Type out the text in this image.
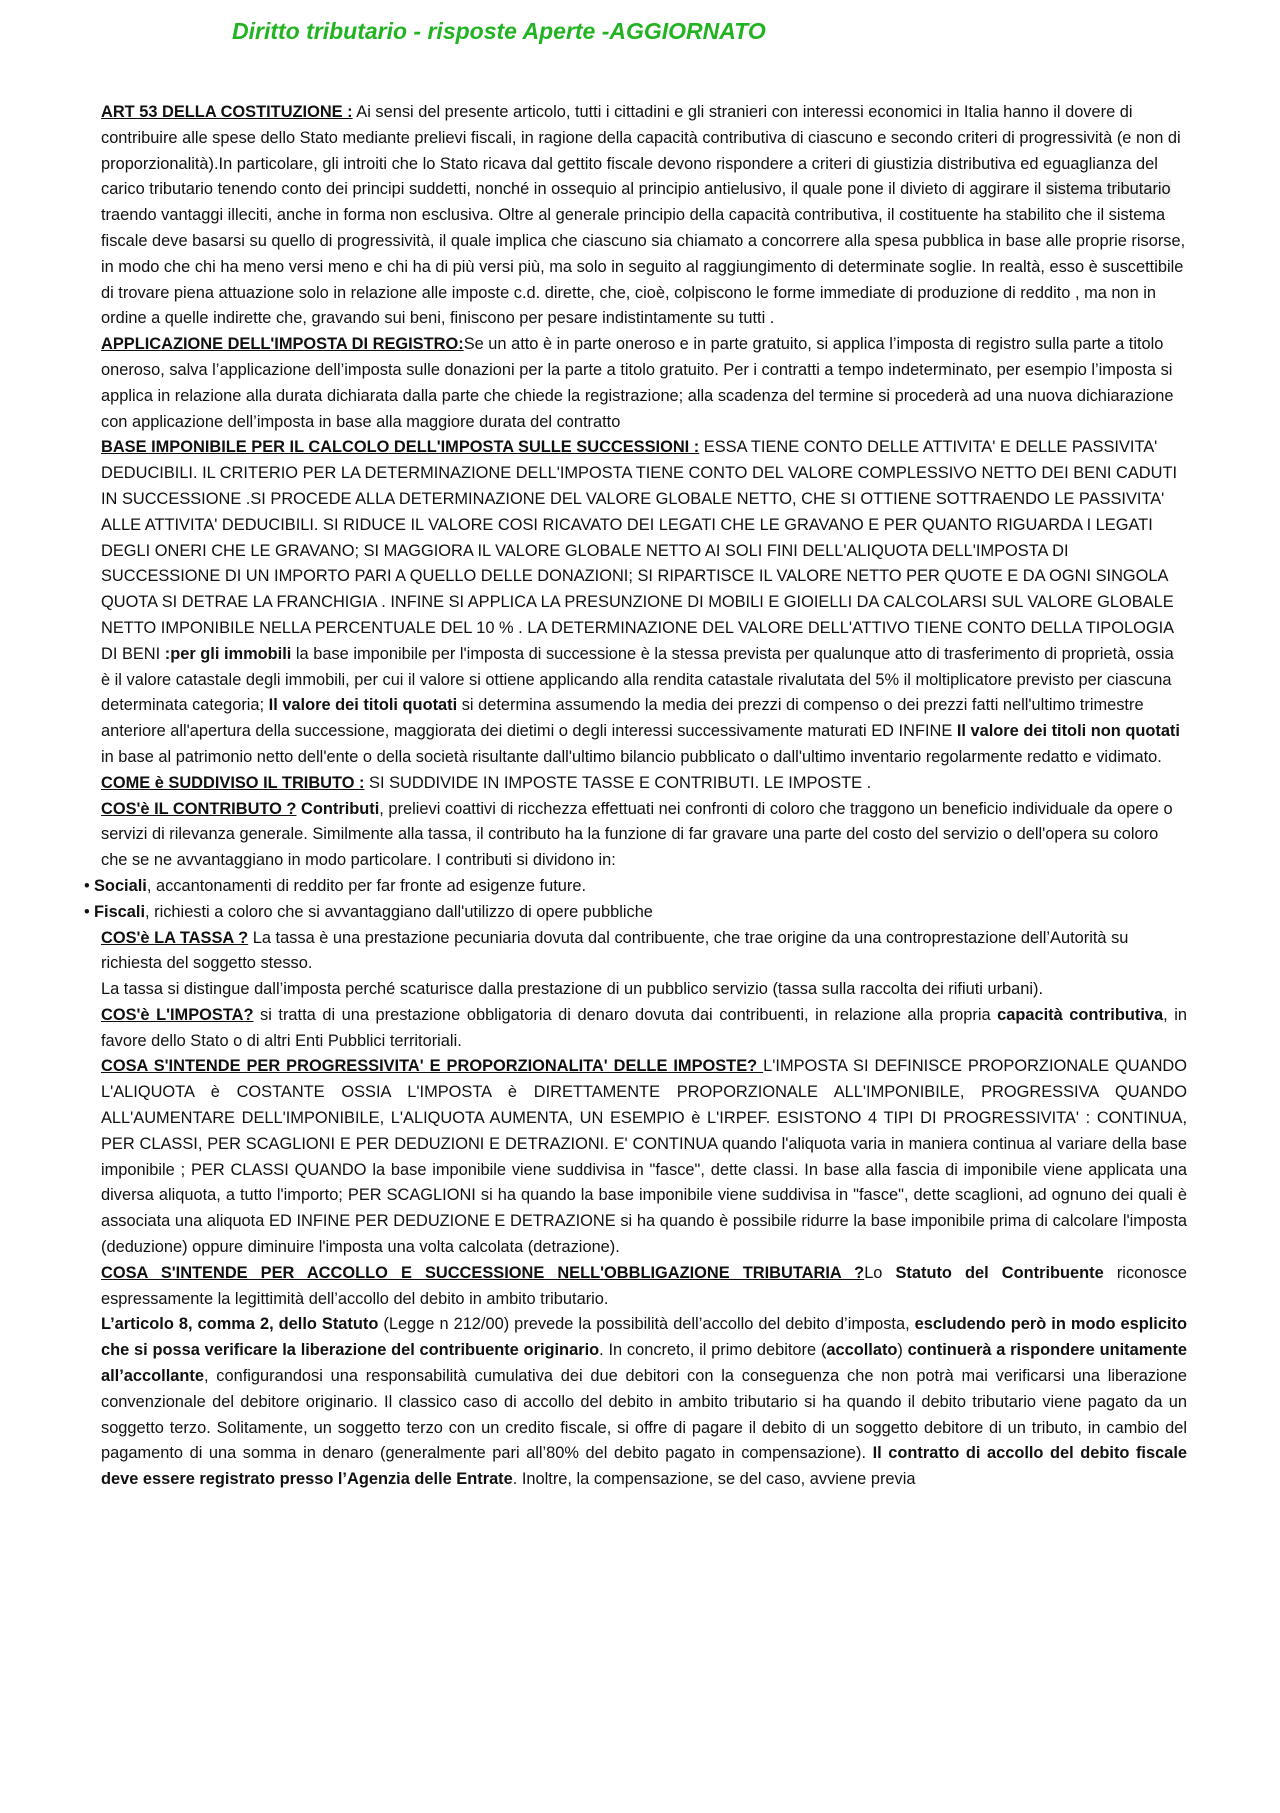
Diritto tributario - risposte Aperte -AGGIORNATO

ART 53 DELLA COSTITUZIONE : Ai sensi del presente articolo, tutti i cittadini e gli stranieri con interessi economici in Italia hanno il dovere di contribuire alle spese dello Stato mediante prelievi fiscali, in ragione della capacità contributiva di ciascuno e secondo criteri di progressività (e non di proporzionalità).In particolare, gli introiti che lo Stato ricava dal gettito fiscale devono rispondere a criteri di giustizia distributiva ed eguaglianza del carico tributario tenendo conto dei principi suddetti, nonché in ossequio al principio antielusivo, il quale pone il divieto di aggirare il sistema tributario traendo vantaggi illeciti, anche in forma non esclusiva. Oltre al generale principio della capacità contributiva, il costituente ha stabilito che il sistema fiscale deve basarsi su quello di progressività, il quale implica che ciascuno sia chiamato a concorrere alla spesa pubblica in base alle proprie risorse, in modo che chi ha meno versi meno e chi ha di più versi più, ma solo in seguito al raggiungimento di determinate soglie. In realtà, esso è suscettibile di trovare piena attuazione solo in relazione alle imposte c.d. dirette, che, cioè, colpiscono le forme immediate di produzione di reddito , ma non in ordine a quelle indirette che, gravando sui beni, finiscono per pesare indistintamente su tutti .

APPLICAZIONE DELL'IMPOSTA DI REGISTRO:Se un atto è in parte oneroso e in parte gratuito, si applica l’imposta di registro sulla parte a titolo oneroso, salva l’applicazione dell’imposta sulle donazioni per la parte a titolo gratuito. Per i contratti a tempo indeterminato, per esempio l’imposta si applica in relazione alla durata dichiarata dalla parte che chiede la registrazione; alla scadenza del termine si procederà ad una nuova dichiarazione con applicazione dell’imposta in base alla maggiore durata del contratto

BASE IMPONIBILE PER IL CALCOLO DELL'IMPOSTA SULLE SUCCESSIONI : ESSA TIENE CONTO DELLE ATTIVITA' E DELLE PASSIVITA' DEDUCIBILI. IL CRITERIO PER LA DETERMINAZIONE DELL'IMPOSTA TIENE CONTO DEL VALORE COMPLESSIVO NETTO DEI BENI CADUTI IN SUCCESSIONE .SI PROCEDE ALLA DETERMINAZIONE DEL VALORE GLOBALE NETTO, CHE SI OTTIENE SOTTRAENDO LE PASSIVITA' ALLE ATTIVITA' DEDUCIBILI. SI RIDUCE IL VALORE COSI RICAVATO DEI LEGATI CHE LE GRAVANO E PER QUANTO RIGUARDA I LEGATI DEGLI ONERI CHE LE GRAVANO; SI MAGGIORA IL VALORE GLOBALE NETTO AI SOLI FINI DELL'ALIQUOTA DELL'IMPOSTA DI SUCCESSIONE DI UN IMPORTO PARI A QUELLO DELLE DONAZIONI; SI RIPARTISCE IL VALORE NETTO PER QUOTE E DA OGNI SINGOLA QUOTA SI DETRAE LA FRANCHIGIA . INFINE SI APPLICA LA PRESUNZIONE DI MOBILI E GIOIELLI DA CALCOLARSI SUL VALORE GLOBALE NETTO IMPONIBILE NELLA PERCENTUALE DEL 10 % . LA DETERMINAZIONE DEL VALORE DELL'ATTIVO TIENE CONTO DELLA TIPOLOGIA DI BENI :per gli immobili la base imponibile per l'imposta di successione è la stessa prevista per qualunque atto di trasferimento di proprietà, ossia è il valore catastale degli immobili, per cui il valore si ottiene applicando alla rendita catastale rivalutata del 5% il moltiplicatore previsto per ciascuna determinata categoria; Il valore dei titoli quotati si determina assumendo la media dei prezzi di compenso o dei prezzi fatti nell'ultimo trimestre anteriore all'apertura della successione, maggiorata dei dietimi o degli interessi successivamente maturati ED INFINE Il valore dei titoli non quotati in base al patrimonio netto dell'ente o della società risultante dall'ultimo bilancio pubblicato o dall'ultimo inventario regolarmente redatto e vidimato.

COME è SUDDIVISO IL TRIBUTO : SI SUDDIVIDE IN IMPOSTE TASSE E CONTRIBUTI. LE IMPOSTE .

COS'è IL CONTRIBUTO ? Contributi, prelievi coattivi di ricchezza effettuati nei confronti di coloro che traggono un beneficio individuale da opere o servizi di rilevanza generale. Similmente alla tassa, il contributo ha la funzione di far gravare una parte del costo del servizio o dell'opera su coloro che se ne avvantaggiano in modo particolare. I contributi si dividono in:

• Sociali, accantonamenti di reddito per far fronte ad esigenze future.

• Fiscali, richiesti a coloro che si avvantaggiano dall'utilizzo di opere pubbliche

COS'è LA TASSA ? La tassa è una prestazione pecuniaria dovuta dal contribuente, che trae origine da una controprestazione dell’Autorità su richiesta del soggetto stesso.

La tassa si distingue dall’imposta perché scaturisce dalla prestazione di un pubblico servizio (tassa sulla raccolta dei rifiuti urbani).

COS'è L'IMPOSTA? si tratta di una prestazione obbligatoria di denaro dovuta dai contribuenti, in relazione alla propria capacità contributiva, in favore dello Stato o di altri Enti Pubblici territoriali.

COSA S'INTENDE PER PROGRESSIVITA' E PROPORZIONALITA' DELLE IMPOSTE? L'IMPOSTA SI DEFINISCE PROPORZIONALE QUANDO L'ALIQUOTA è COSTANTE OSSIA L'IMPOSTA è DIRETTAMENTE PROPORZIONALE ALL'IMPONIBILE, PROGRESSIVA QUANDO ALL'AUMENTARE DELL'IMPONIBILE, L'ALIQUOTA AUMENTA, UN ESEMPIO è L'IRPEF. ESISTONO 4 TIPI DI PROGRESSIVITA' : CONTINUA, PER CLASSI, PER SCAGLIONI E PER DEDUZIONI E DETRAZIONI. E' CONTINUA quando l'aliquota varia in maniera continua al variare della base imponibile ; PER CLASSI QUANDO la base imponibile viene suddivisa in "fasce", dette classi. In base alla fascia di imponibile viene applicata una diversa aliquota, a tutto l'importo; PER SCAGLIONI si ha quando la base imponibile viene suddivisa in "fasce", dette scaglioni, ad ognuno dei quali è associata una aliquota ED INFINE PER DEDUZIONE E DETRAZIONE si ha quando è possibile ridurre la base imponibile prima di calcolare l'imposta (deduzione) oppure diminuire l'imposta una volta calcolata (detrazione).

COSA S'INTENDE PER ACCOLLO E SUCCESSIONE NELL'OBBLIGAZIONE TRIBUTARIA ?Lo Statuto del Contribuente riconosce espressamente la legittimità dell’accollo del debito in ambito tributario.

L’articolo 8, comma 2, dello Statuto (Legge n 212/00) prevede la possibilità dell’accollo del debito d’imposta, escludendo però in modo esplicito che si possa verificare la liberazione del contribuente originario. In concreto, il primo debitore (accollato) continuerà a rispondere unitamente all’accollante, configurandosi una responsabilità cumulativa dei due debitori con la conseguenza che non potrà mai verificarsi una liberazione convenzionale del debitore originario. Il classico caso di accollo del debito in ambito tributario si ha quando il debito tributario viene pagato da un soggetto terzo. Solitamente, un soggetto terzo con un credito fiscale, si offre di pagare il debito di un soggetto debitore di un tributo, in cambio del pagamento di una somma in denaro (generalmente pari all’80% del debito pagato in compensazione). Il contratto di accollo del debito fiscale deve essere registrato presso l’Agenzia delle Entrate. Inoltre, la compensazione, se del caso, avviene previa
